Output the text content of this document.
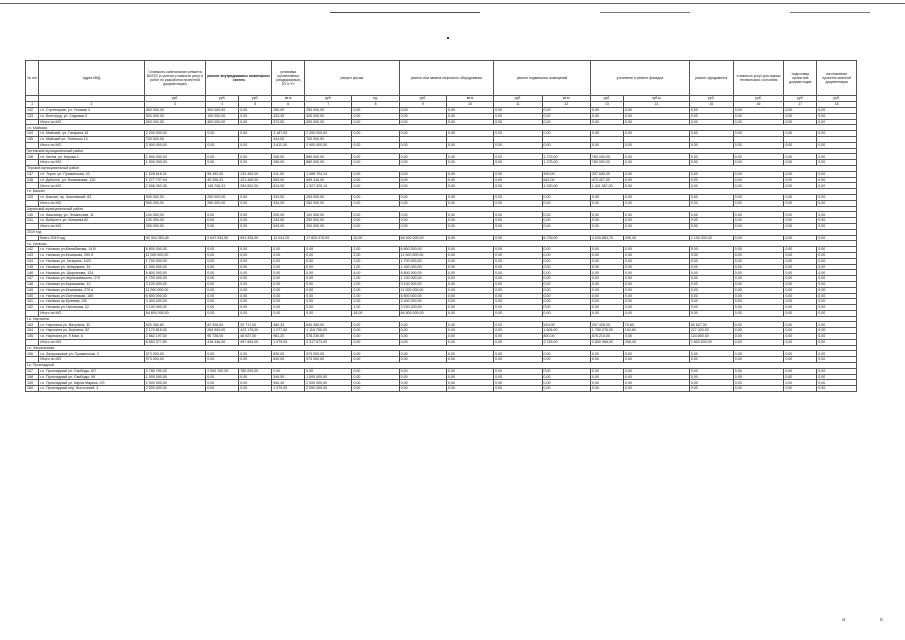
№ п/п	Адрес МКД	Стоимость капитального ремонта ВСЕГО (с учетом стоимости услуг и работ по разработке проектной документации)	ремонт внутридомовых инженерных систем		установка коллективных (общедомовых) ПУ и УУ	ремонт крыши		ремонт или замена лифтового оборудования		ремонт подвальных помещений		утепление и ремонт фасадов		ремонт фундамента	стоимость услуг для оценки технического состояния	подготовка проектной документации	изготовление проектно-сметной документации
		руб.	руб.	руб.	кв.м	руб.	ед.	руб.	кв.м	руб.	кв.м	руб.	куб.м	руб.	руб.	руб.	руб.
1	2	3	4	5	6	7	8	9	10	11	12	13	14	15	16	17	18
132	г.п. Стрелецкая, ул. Угловая 4	400 000,00	300 000,00	0,00	150,00	250 000,00	0,00	0,00	0,00	0,00	0,00	0,00	0,00	0,00	0,00	0,00	0,00
133	г.п. Белгород, ул. Садовая 3	500 000,00	100 000,00	0,00	433,30	400 000,00	0,00	0,00	0,00	0,00	0,00	0,00	0,00	0,00	0,00	0,00	0,00
	Итого по МО	900 000,00	400 000,00	0,00	573,50	650 000,00	0,00	0,00	0,00	0,00	0,00	0,00	0,00	0,00	0,00	0,00	0,00
г.п. Майская																	
134	г.п. Майский, ул. Гагарина 16	2 200 000,00	0,00	0,00	3 187,00	2 200 000,00	0,00	0,00	0,00	0,00	0,00	0,00	0,00	0,00	0,00	0,00	0,00
135	г.п. Майский ул. Энгельса 13	700 000,00			424,00	700 000,00											
	Итого по МО	2 900 000,00	0,00	0,00	3 611,00	2 900 000,00	0,00	0,00	0,00	0,00	0,00	0,00	0,00	0,00	0,00	0,00	0,00
Чегемский муниципальный район																	
136	г.п. Чегем, ул. Кирова 1	1 500 000,00	0,00	0,00	265,00	880 000,00	0,00	0,00	0,00	0,00	1 275,00	780 000,00	0,00	0,00	0,00	0,00	0,00
	Итого по МО	1 500 000,00	0,00	0,00	265,00	880 000,00	0,00	0,00	0,00	0,00	1 275,00	780 000,00	0,00	0,00	0,00	0,00	0,00
Терский муниципальный район																	
137	г.п. Терек, ул. Пушкинская, 43	1 628 616,31	98 452,00	133 400,00	311,00	1 068 704,14	0,00	0,00	0,00	0,00	490,00	337 845,00	0,00	0,00	0,00	0,00	0,00
138	г.п. Дейское, ул. Московская, 120	1 277 737,04	40 206,31	121 400,00	563,00	459 418,00	0,00	0,00	0,00	0,00	542,00	473 427,00	0,00	0,00	0,00	0,00	0,00
	Итого по МО	2 906 353,35	145 706,31	254 802,00	814,00	1 527 325,14	0,00	0,00	0,00	0,00	1 030,00	1 411 367,00	0,00	0,00	0,00	0,00	0,00
г.п. Баксан																	
139	г.п. Баксан, пр. Чкаловский, 83	500 000,00	250 000,00	0,00	334,00	250 000,00	0,00	0,00	0,00	0,00	0,00	0,00	0,00	0,00	0,00	0,00	0,00
	Итого по МО	500 000,00	250 000,00	0,00	334,00	250 000,00	0,00	0,00	0,00	0,00	0,00	0,00	0,00	0,00	0,00	0,00	0,00
Черекский муниципальный район																	
140	г.п. Кашхатау, ул. Эльмесова, 11	100 000,00	0,00	0,00	200,00	100 000,00	0,00	0,00	0,00	0,00	0,00	0,00	0,00	0,00	0,00	0,00	0,00
141	г.п. Бабугент, ул. Мечиева 82	100 000,00	0,00	0,00	243,00	250 000,00	0,00	0,00	0,00	0,00	0,00	0,00	0,00	0,00	0,00	0,00	0,00
	Итого по МО	300 000,00	0,00	0,00	543,00	300 000,00	0,00	0,00	0,00	0,00	0,00	0,00	0,00	0,00	0,00	0,00	0,00
2019 год																	
	Всего 2019 год	92 304 353,49	2 847 932,50	991 325,00	12 041,20	17 820 076,99	10,00	64 000 000,00	0,00	0,00	6 739,00	4 020 863,70	295,40	1 100 433,00	0,00	0,00	0,00
г.о. Нальчик																	
142	г.о. Нальчик ул.Мальбахова, 14 В	6 800 000,00	0,00	0,00	0,00	0,00	2,00	6 800 000,00	0,00	0,00	0,00	0,00	0,00	0,00	0,00	0,00	0,00
143	г.о. Нальчик ул.Кешокова, 290 б	11 000 000,00	0,00	0,00	0,00	0,00	2,00	11 000 000,00	0,00	0,00	0,00	0,00	0,00	0,00	0,00	0,00	0,00
144	г.о. Нальчик ул. Гагарина, 10/3	1 700 000,00	0,00	0,00	0,00	0,00	1,00	1 700 000,00	0,00	0,00	0,00	0,00	0,00	0,00	0,00	0,00	0,00
145	г.о. Нальчик ул. Атажукина, 34	1 400 000,00	0,00	0,00	0,00	0,00	1,00	1 400 000,00	0,00	0,00	0,00	0,00	0,00	0,00	0,00	0,00	0,00
146	г.о. Нальчик ул. Шортанова, 124	6 800 000,00	0,00	0,00	0,00	0,00	4,00	6 800 000,00	0,00	0,00	0,00	0,00	0,00	0,00	0,00	0,00	0,00
147	г.о. Нальчик ул.Чернышевского, 270	1 700 000,00	0,00	0,00	0,00	0,00	1,00	1 700 000,00	0,00	0,00	0,00	0,00	0,00	0,00	0,00	0,00	0,00
148	г.о. Нальчик ул.Карашаева, 10	3 100 000,00	0,00	0,00	0,00	0,00	1,00	3 100 000,00	0,00	0,00	0,00	0,00	0,00	0,00	0,00	0,00	0,00
149	г.о. Нальчик ул.Кешокова, 270 а	11 000 000,00	0,00	0,00	0,00	0,00	2,00	11 000 000,00	0,00	0,00	0,00	0,00	0,00	0,00	0,00	0,00	0,00
150	г.о. Нальчик ул.Осетинская, 160	6 800 000,00	0,00	0,00	0,00	0,00	2,00	6 800 000,00	0,00	0,00	0,00	0,00	0,00	0,00	0,00	0,00	0,00
151	г.о. Нальчик пр.Кулиева, 2/6	3 400 000,00	0,00	0,00	0,00	0,00	2,00	3 400 000,00	0,00	0,00	0,00	0,00	0,00	0,00	0,00	0,00	0,00
152	г.о. Нальчик ул.Тарчокова, 12	3 100 000,00	0,00	0,00	0,00	0,00	1,00	3 100 000,00	0,00	0,00	0,00	0,00	0,00	0,00	0,00	0,00	0,00
	Итого по МО	64 800 000,00	0,00	0,00	0,00	0,00	18,00	64 800 000,00	0,00	0,00	0,00	0,00	0,00	0,00	0,00	0,00	0,00
г.о. Нарткала																	
153	г.о. Нарткала ул. Ватутина, 32	920 365,80	82 926,00	29 717,00	480,33	640 385,00	0,00	0,00	0,00	0,00	519,00	257 426,00	70,80	60 627,00	0,00	0,00	0,00
154	г.о. Нарткала ул. Берлина, 52	2 170 815,00	264 900,00	423 179,00	1 077,60	1 118 750,00	0,00	0,00	0,00	0,00	1 606,00	1 789 276,00	104,60	227 420,00	0,00	0,00	0,00
155	г.о. Нарткала ул. 9 Мая, 6	2 562 197,00	90 726,00	46 927,00	981,20	578 230,00	0,00	0,00	0,00	0,00	800,00	676 210,00	0,00	124 800,00	0,00	0,00	0,00
	Итого по МО	6 653 377,80	418 446,00	497 654,00	1 979,53	2 317 673,00	0,00	0,00	0,00	0,00	2 745,00	2 800 968,00	296,40	1 600 833,00	0,00	0,00	0,00
г.о. Залукокоаже																	
156	г.о. Залукокоаже ул. Пушкинская, 3	973 000,00	0,00	0,00	830,00	973 000,00	0,00	0,00	0,00	0,00	0,00	0,00	0,00	0,00	0,00	0,00	0,00
	Итого по МО	973 000,00	0,00	0,00	830,00	973 000,00	0,00	0,00	0,00	0,00	0,00	0,00	0,00	0,00	0,00	0,00	0,00
г.о. Прохладный																	
157	г.о. Прохладный ул. Свободы 107	2 780 700,00	2 000 700,00	780 000,00	0,00	0,00	0,00	0,00	0,00	0,00	0,00	0,00	0,00	0,00	0,00	0,00	0,00
158	г.о. Прохладный ул. Свободы, 95	1 000 000,00	0,00	0,00	349,00	1 000 000,00	0,00	0,00	0,00	0,00	0,00	0,00	0,00	0,00	0,00	0,00	0,00
159	г.о. Прохладный ул. Карла Маркса, 2/3	2 000 000,00	0,00	0,00	942,40	2 000 000,00	0,00	0,00	0,00	0,00	0,00	0,00	0,00	0,00	0,00	0,00	0,00
160	г.о. Прохладный пер. Восточный, 3	2 000 000,00	0,00	0,00	1 079,00	2 000 000,00	0,00	0,00	0,00	0,00	0,00	0,00	0,00	0,00	0,00	0,00	0,00
st	tr
